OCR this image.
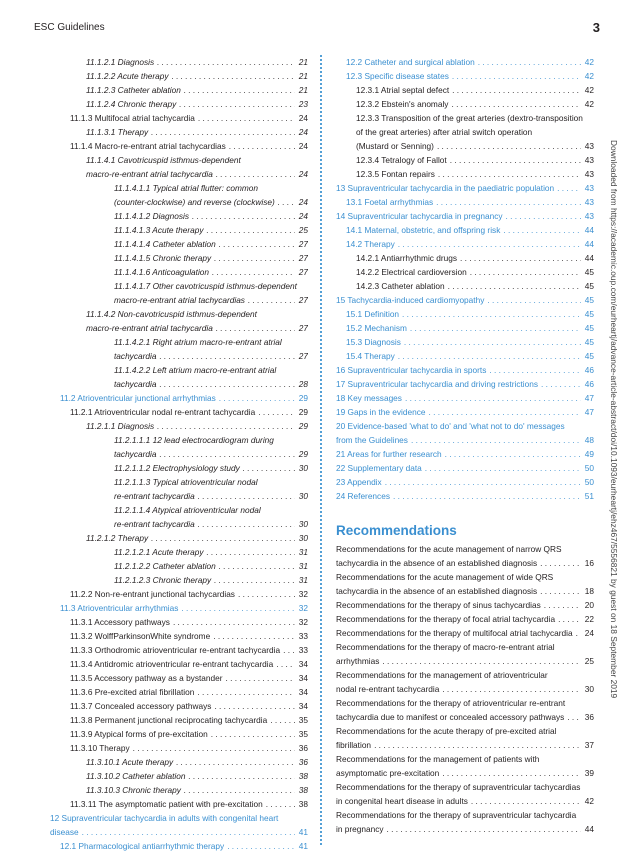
ESC Guidelines	3
11.1.2.1 Diagnosis . . .	21
11.1.2.2 Acute therapy . . .	21
11.1.2.3 Catheter ablation . . .	21
11.1.2.4 Chronic therapy . . .	23
11.1.3 Multifocal atrial tachycardia . . .	24
11.1.3.1 Therapy . . .	24
11.1.4 Macro-re-entrant atrial tachycardias . . .	24
11.1.4.1 Cavotricuspid isthmus-dependent
macro-re-entrant atrial tachycardia . . .	24
11.1.4.1.1 Typical atrial flutter: common
(counter-clockwise) and reverse (clockwise) . . .	24
11.1.4.1.2 Diagnosis . . .	24
11.1.4.1.3 Acute therapy . . .	25
11.1.4.1.4 Catheter ablation . . .	27
11.1.4.1.5 Chronic therapy . . .	27
11.1.4.1.6 Anticoagulation . . .	27
11.1.4.1.7 Other cavotricuspid isthmus-dependent
macro-re-entrant atrial tachycardias . . .	27
11.1.4.2 Non-cavotricuspid isthmus-dependent
macro-re-entrant atrial tachycardia . . .	27
11.1.4.2.1 Right atrium macro-re-entrant atrial
tachycardia . . .	27
11.1.4.2.2 Left atrium macro-re-entrant atrial
tachycardia . . .	28
11.2 Atrioventricular junctional arrhythmias . . .	29
11.2.1 Atrioventricular nodal re-entrant tachycardia . . .	29
11.2.1.1 Diagnosis . . .	29
11.2.1.1.1 12 lead electrocardiogram during
tachycardia . . .	29
11.2.1.1.2 Electrophysiology study . . .	30
11.2.1.1.3 Typical atrioventricular nodal
re-entrant tachycardia . . .	30
11.2.1.1.4 Atypical atrioventricular nodal
re-entrant tachycardia . . .	30
11.2.1.2 Therapy . . .	30
11.2.1.2.1 Acute therapy . . .	31
11.2.1.2.2 Catheter ablation . . .	31
11.2.1.2.3 Chronic therapy . . .	31
11.2.2 Non-re-entrant junctional tachycardias . . .	32
11.3 Atrioventricular arrhythmias . . .	32
11.3.1 Accessory pathways . . .	32
11.3.2 WolffParkinsonWhite syndrome . . .	33
11.3.3 Orthodromic atrioventricular re-entrant tachycardia . . . 33
11.3.4 Antidromic atrioventricular re-entrant tachycardia . . .	34
11.3.5 Accessory pathway as a bystander . . .	34
11.3.6 Pre-excited atrial fibrillation . . .	34
11.3.7 Concealed accessory pathways . . .	34
11.3.8 Permanent junctional reciprocating tachycardia . . .	35
11.3.9 Atypical forms of pre-excitation . . .	35
11.3.10 Therapy . . .	36
11.3.10.1 Acute therapy . . .	36
11.3.10.2 Catheter ablation . . .	38
11.3.10.3 Chronic therapy . . .	38
11.3.11 The asymptomatic patient with pre-excitation . . .	38
12 Supraventricular tachycardia in adults with congenital heart
disease . . .	41
12.1 Pharmacological antiarrhythmic therapy . . .	41
12.2 Catheter and surgical ablation . . .	42
12.3 Specific disease states . . .	42
12.3.1 Atrial septal defect . . .	42
12.3.2 Ebstein's anomaly . . .	42
12.3.3 Transposition of the great arteries (dextro-transposition
of the great arteries) after atrial switch operation
(Mustard or Senning) . . .	43
12.3.4 Tetralogy of Fallot . . .	43
12.3.5 Fontan repairs . . .	43
13 Supraventricular tachycardia in the paediatric population . . .	43
13.1 Foetal arrhythmias . . .	43
14 Supraventricular tachycardia in pregnancy . . .	43
14.1 Maternal, obstetric, and offspring risk . . .	44
14.2 Therapy . . .	44
14.2.1 Antiarrhythmic drugs . . .	44
14.2.2 Electrical cardioversion . . .	45
14.2.3 Catheter ablation . . .	45
15 Tachycardia-induced cardiomyopathy . . .	45
15.1 Definition . . .	45
15.2 Mechanism . . .	45
15.3 Diagnosis . . .	45
15.4 Therapy . . .	45
16 Supraventricular tachycardia in sports . . .	46
17 Supraventricular tachycardia and driving restrictions . . .	46
18 Key messages . . .	47
19 Gaps in the evidence . . .	47
20 Evidence-based 'what to do' and 'what not to do' messages
from the Guidelines . . .	48
21 Areas for further research . . .	49
22 Supplementary data . . .	50
23 Appendix . . .	50
24 References . . .	51
Recommendations
Recommendations for the acute management of narrow QRS
tachycardia in the absence of an established diagnosis . . .	16
Recommendations for the acute management of wide QRS
tachycardia in the absence of an established diagnosis . . .	18
Recommendations for the therapy of sinus tachycardias . . .	20
Recommendations for the therapy of focal atrial tachycardia . . .	22
Recommendations for the therapy of multifocal atrial tachycardia . . . 24
Recommendations for the therapy of macro-re-entrant atrial
arrhythmias . . .	25
Recommendations for the management of atrioventricular
nodal re-entrant tachycardia . . .	30
Recommendations for the therapy of atrioventricular re-entrant
tachycardia due to manifest or concealed accessory pathways . . . 36
Recommendations for the acute therapy of pre-excited atrial
fibrillation . . .	37
Recommendations for the management of patients with
asymptomatic pre-excitation . . .	39
Recommendations for the therapy of supraventricular tachycardias
in congenital heart disease in adults . . .	42
Recommendations for the therapy of supraventricular tachycardia
in pregnancy . . .	44
Downloaded from https://academic.oup.com/eurheartj/advance-article-abstract/doi/10.1093/eurheartj/ehz467/5556821 by guest on 18 September 2019
